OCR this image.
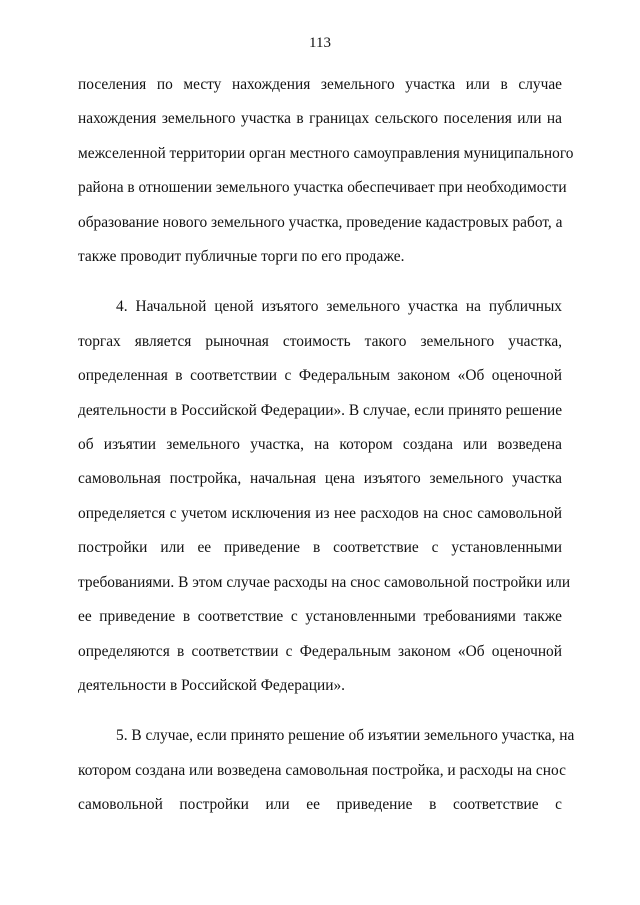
113

поселения по месту нахождения земельного участка или в случае
нахождения земельного участка в границах сельского поселения или на
межселенной территории орган местного самоуправления муниципального
района в отношении земельного участка обеспечивает при необходимости
образование нового земельного участка, проведение кадастровых работ, а
также проводит публичные торги по его продаже.

4. Начальной ценой изъятого земельного участка на публичных
торгах является рыночная стоимость такого земельного участка,
определенная в соответствии с Федеральным законом «Об оценочной
деятельности в Российской Федерации». В случае, если принято решение
об изъятии земельного участка, на котором создана или возведена
самовольная постройка, начальная цена изъятого земельного участка
определяется с учетом исключения из нее расходов на снос самовольной
постройки или ее приведение в соответствие с установленными
требованиями. В этом случае расходы на снос самовольной постройки или
ее приведение в соответствие с установленными требованиями также
определяются в соответствии с Федеральным законом «Об оценочной
деятельности в Российской Федерации».

5. В случае, если принято решение об изъятии земельного участка, на
котором создана или возведена самовольная постройка, и расходы на снос
самовольной постройки или ее приведение в соответствие с
